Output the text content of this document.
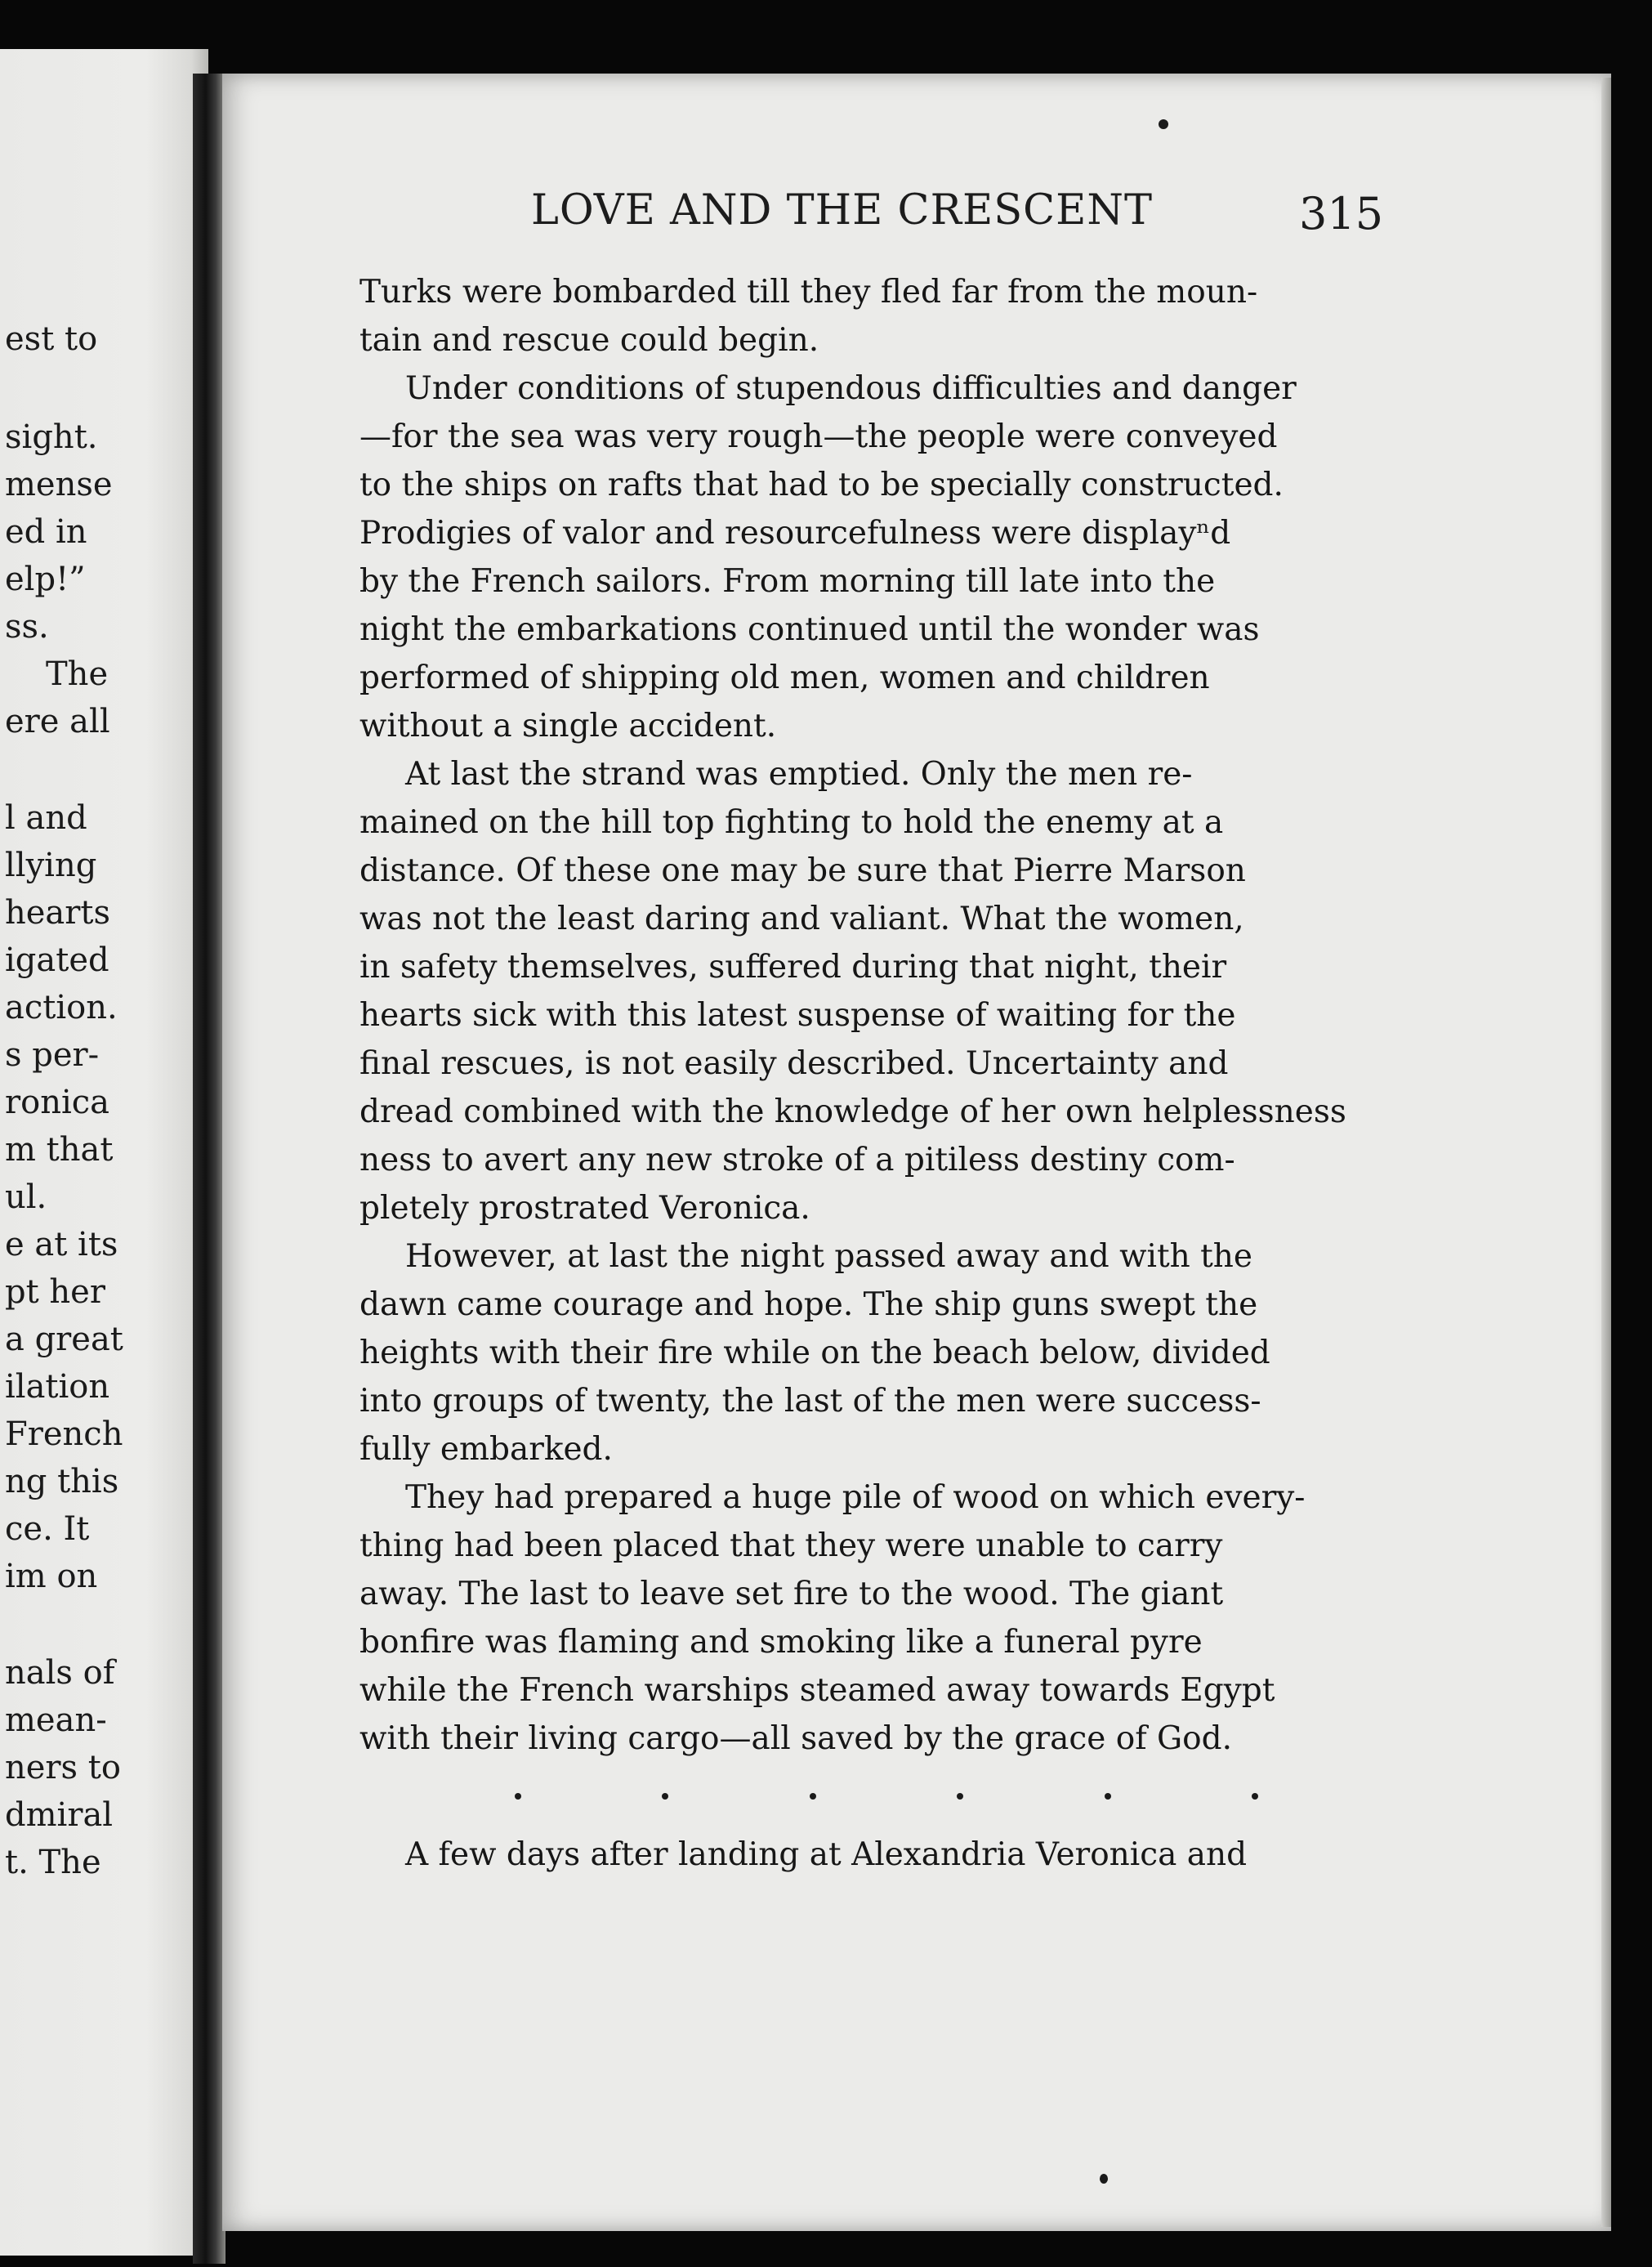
est to
sight.
mense
ed in
elp!”
ss.
The
ere all
l and
llying
hearts
igated
action.
s per-
ronica
m that
ul.
e at its
pt her
a great
ilation
French
ng this
ce. It
im on
nals of
mean-
ners to
dmiral
t. The
LOVE AND THE CRESCENT	315
Turks were bombarded till they fled far from the moun-
tain and rescue could begin.
Under conditions of stupendous difficulties and danger
—for the sea was very rough—the people were conveyed
to the ships on rafts that had to be specially constructed.
Prodigies of valor and resourcefulness were displayⁿd
by the French sailors. From morning till late into the
night the embarkations continued until the wonder was
performed of shipping old men, women and children
without a single accident.
At last the strand was emptied. Only the men re-
mained on the hill top fighting to hold the enemy at a
distance. Of these one may be sure that Pierre Marson
was not the least daring and valiant. What the women,
in safety themselves, suffered during that night, their
hearts sick with this latest suspense of waiting for the
final rescues, is not easily described. Uncertainty and
dread combined with the knowledge of her own helplessness
ness to avert any new stroke of a pitiless destiny com-
pletely prostrated Veronica.
However, at last the night passed away and with the
dawn came courage and hope. The ship guns swept the
heights with their fire while on the beach below, divided
into groups of twenty, the last of the men were success-
fully embarked.
They had prepared a huge pile of wood on which every-
thing had been placed that they were unable to carry
away. The last to leave set fire to the wood. The giant
bonfire was flaming and smoking like a funeral pyre
while the French warships steamed away towards Egypt
with their living cargo—all saved by the grace of God.
A few days after landing at Alexandria Veronica and
